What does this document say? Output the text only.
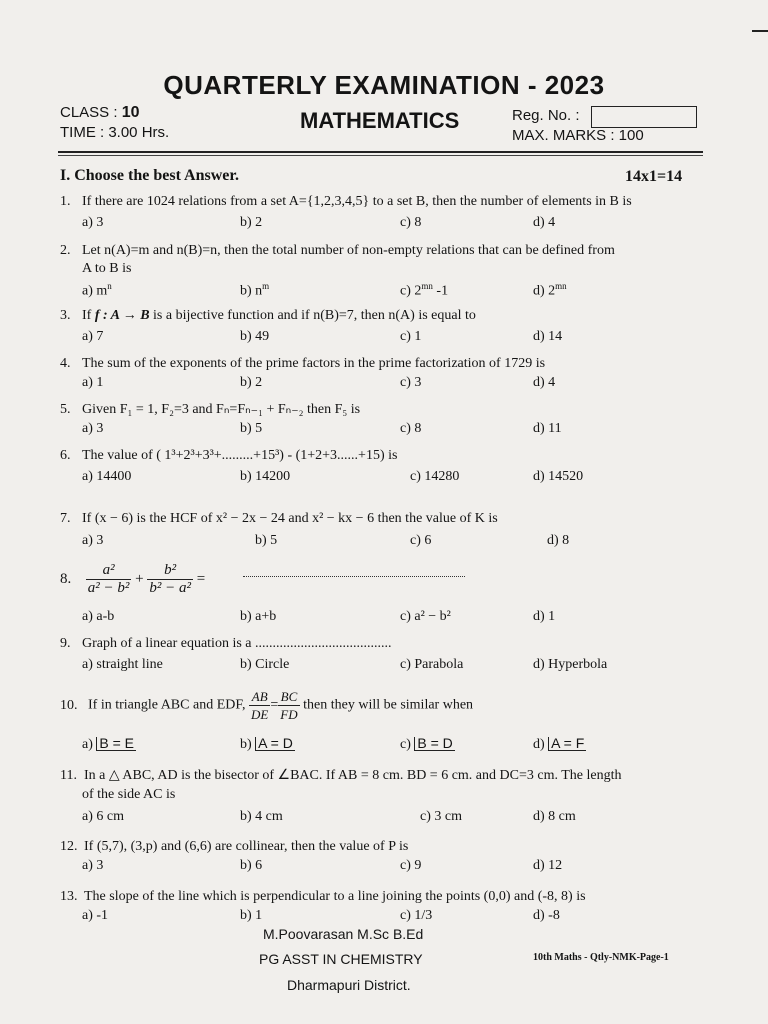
QUARTERLY EXAMINATION - 2023
CLASS : 10
TIME : 3.00 Hrs.	MATHEMATICS	Reg. No. :
MAX. MARKS : 100
I. Choose the best Answer.	14x1=14
1. If there are 1024 relations from a set A={1,2,3,4,5} to a set B, then the number of elements in B is
a) 3	b) 2	c) 8	d) 4
2. Let n(A)=m and n(B)=n, then the total number of non-empty relations that can be defined from
A to B is
a) $m^n$	b) $n^m$	c) $2^{mn}$ -1	d) $2^{mn}$
3. If f : A → B is a bijective function and if n(B)=7, then n(A) is equal to
a) 7	b) 49	c) 1	d) 14
4. The sum of the exponents of the prime factors in the prime factorization of 1729 is
a) 1	b) 2	c) 3	d) 4
5. Given F₁ = 1, F₂=3 and Fₙ=Fₙ₋₁ + Fₙ₋₂ then F₅ is
a) 3	b) 5	c) 8	d) 11
6. The value of ( 1³+2³+3³+.........+15³) - (1+2+3......+15) is
a) 14400	b) 14200	c) 14280	d) 14520
7. If (x − 6) is the HCF of x² − 2x − 24 and x² − kx − 6 then the value of K is
a) 3	b) 5	c) 6	d) 8
8. $\frac{\text{a²}}{\text{a² − b²}} + \frac{\text{b²}}{\text{b² − a²}}$ =
a) a-b	b) a+b	c) a² − b²	d) 1
9. Graph of a linear equation is a .......................................
a) straight line	b) Circle	c) Parabola	d) Hyperbola
10. If in triangle ABC and EDF, $\frac{AB}{DE} = \frac{BC}{FD}$ then they will be similar when
a) B = E	b) A = D	c) B = D	d) A = F
11. In a △ ABC, AD is the bisector of ∠BAC. If AB = 8 cm. BD = 6 cm. and DC=3 cm. The length
of the side AC is
a) 6 cm	b) 4 cm	c) 3 cm	d) 8 cm
12. If (5,7), (3,p) and (6,6) are collinear, then the value of P is
a) 3	b) 6	c) 9	d) 12
13. The slope of the line which is perpendicular to a line joining the points (0,0) and (-8, 8) is
a) -1	b) 1	c) 1/3	d) -8
M.Poovarasan M.Sc B.Ed
PG ASST IN CHEMISTRY
Dharmapuri District.
10th Maths - Qtly-NMK-Page-1
